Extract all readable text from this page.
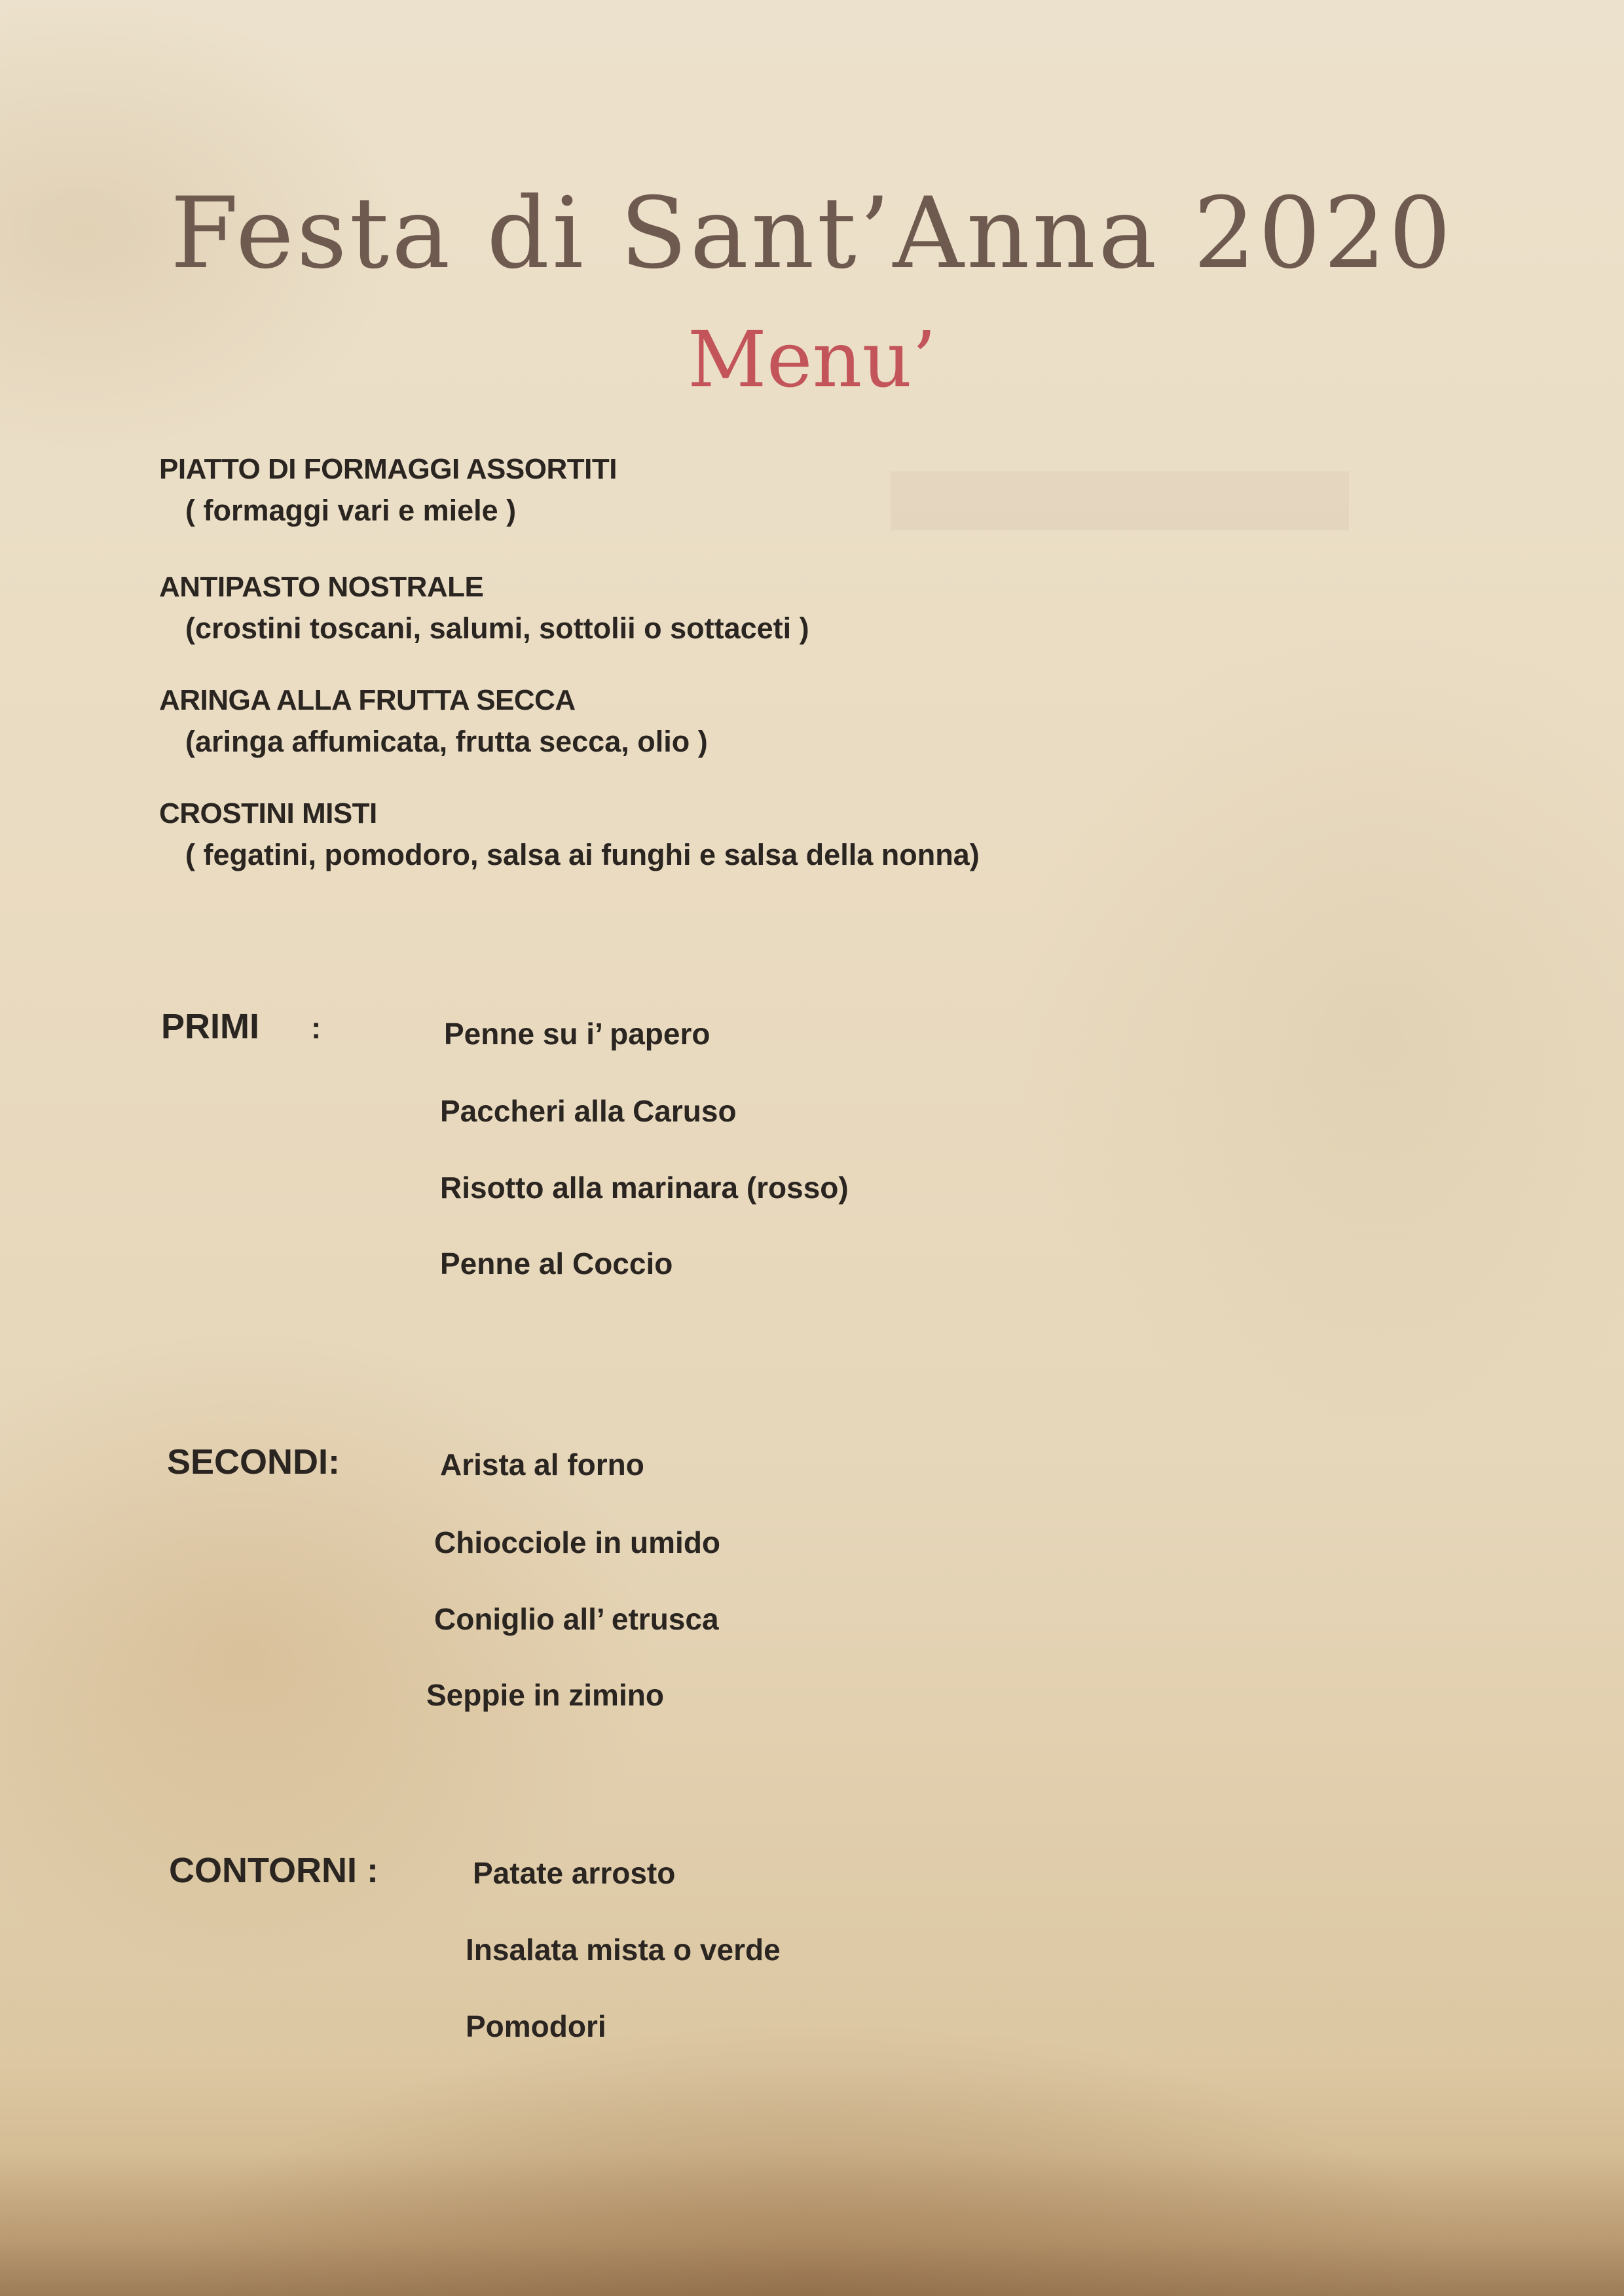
Festa di Sant’Anna 2020
Menu’
PIATTO DI FORMAGGI ASSORTITI
( formaggi vari e miele )
ANTIPASTO NOSTRALE
(crostini toscani, salumi, sottolii o sottaceti )
ARINGA ALLA FRUTTA SECCA
(aringa affumicata, frutta secca, olio )
CROSTINI MISTI
( fegatini, pomodoro, salsa ai funghi e salsa della nonna)
PRIMI :	Penne su i’ papero
Paccheri alla Caruso
Risotto alla marinara (rosso)
Penne al Coccio
SECONDI:	Arista al forno
Chiocciole in umido
Coniglio all’ etrusca
Seppie in zimino
CONTORNI :	Patate arrosto
Insalata mista o verde
Pomodori
